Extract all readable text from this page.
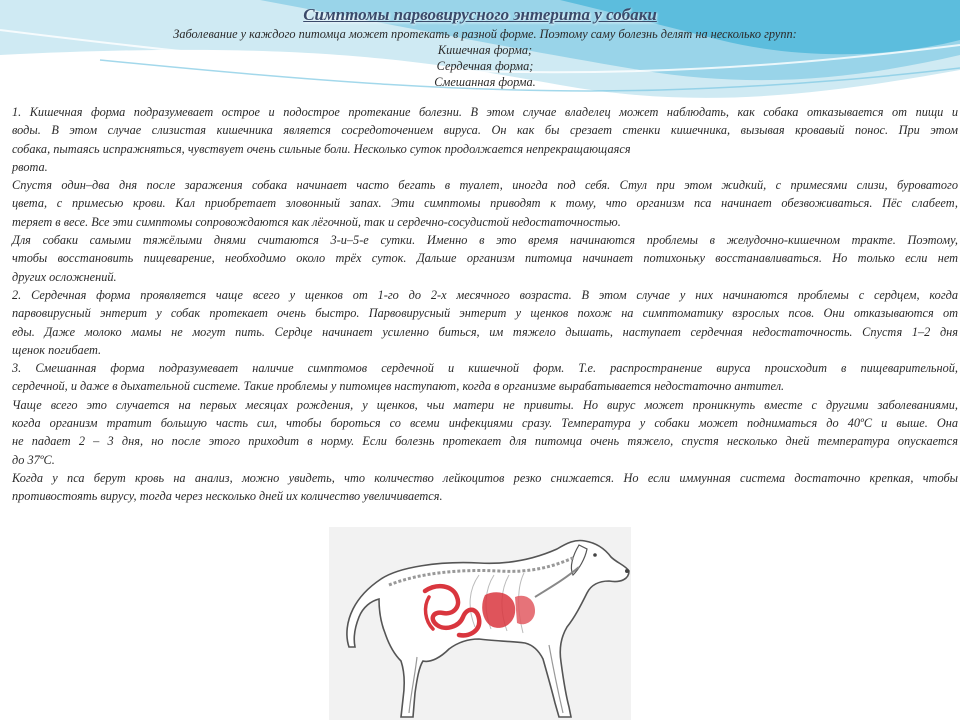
Симптомы парвовирусного энтерита у собаки
Заболевание у каждого питомца может протекать в разной форме. Поэтому саму болезнь делят на несколько групп:
Кишечная форма;
Сердечная форма;
Смешанная форма.
1. Кишечная форма подразумевает острое и подострое протекание болезни. В этом случае владелец может наблюдать, как собака отказывается от пищи и
воды. В этом случае слизистая кишечника является сосредоточением вируса. Он как бы срезает стенки кишечника, вызывая кровавый понос. При этом
собака, пытаясь испражняться, чувствует очень сильные боли. Несколько суток продолжается непрекращающаяся
рвота.
Спустя один–два дня после заражения собака начинает часто бегать в туалет, иногда под себя. Стул при этом жидкий, с примесями слизи, буроватого
цвета, с примесью крови. Кал приобретает зловонный запах. Эти симптомы приводят к тому, что организм пса начинает обезвоживаться. Пёс слабеет,
теряет в весе. Все эти симптомы сопровождаются как лёгочной, так и сердечно-сосудистой недостаточностью.
Для собаки самыми тяжёлыми днями считаются 3-и–5-е сутки. Именно в это время начинаются проблемы в желудочно-кишечном тракте. Поэтому,
чтобы восстановить пищеварение, необходимо около трёх суток. Дальше организм питомца начинает потихоньку восстанавливаться. Но только если нет
других осложнений.
2. Сердечная форма проявляется чаще всего у щенков от 1-го до 2-х месячного возраста. В этом случае у них начинаются проблемы с сердцем, когда
парвовирусный энтерит у собак протекает очень быстро. Парвовирусный энтерит у щенков похож на симптоматику взрослых псов. Они отказываются от
еды. Даже молоко мамы не могут пить. Сердце начинает усиленно биться, им тяжело дышать, наступает сердечная недостаточность. Спустя 1–2 дня
щенок погибает.
3. Смешанная форма подразумевает наличие симптомов сердечной и кишечной форм. Т.е. распространение вируса происходит в пищеварительной,
сердечной, и даже в дыхательной системе. Такие проблемы у питомцев наступают, когда в организме вырабатывается недостаточно антител.
Чаще всего это случается на первых месяцах рождения, у щенков, чьи матери не привиты. Но вирус может проникнуть вместе с другими заболеваниями,
когда организм тратит большую часть сил, чтобы бороться со всеми инфекциями сразу. Температура у собаки может подниматься до 40ºC и выше. Она
не падает 2 – 3 дня, но после этого приходит в норму. Если болезнь протекает для питомца очень тяжело, спустя несколько дней температура опускается
до 37ºC.
Когда у пса берут кровь на анализ, можно увидеть, что количество лейкоцитов резко снижается. Но если иммунная система достаточно крепкая, чтобы
противостоять вирусу, тогда через несколько дней их количество увеличивается.
